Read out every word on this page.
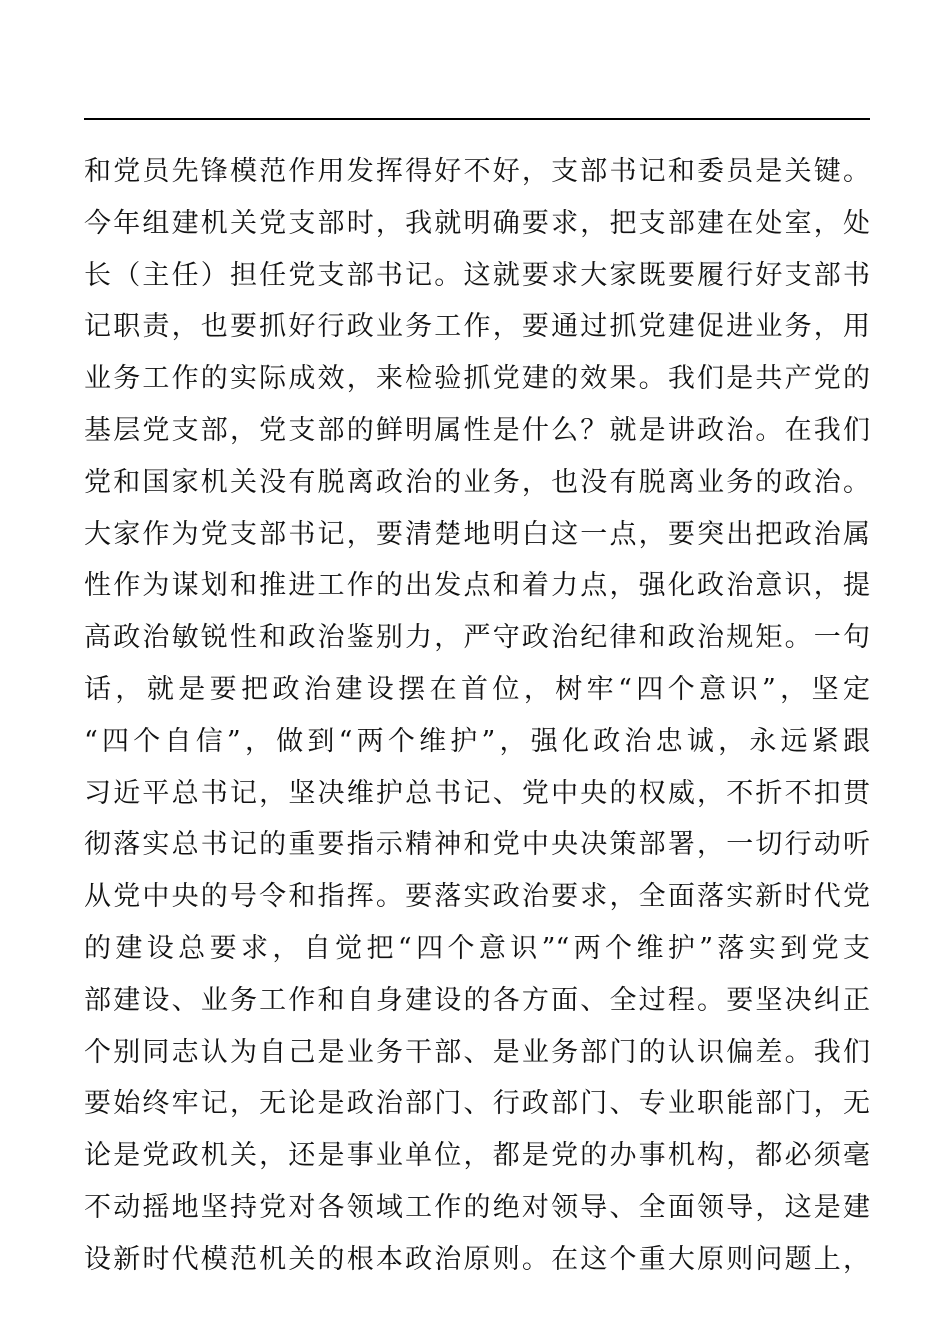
和党员先锋模范作用发挥得好不好，支部书记和委员是关键。
今年组建机关党支部时，我就明确要求，把支部建在处室，处
长（主任）担任党支部书记。这就要求大家既要履行好支部书
记职责，也要抓好行政业务工作，要通过抓党建促进业务，用
业务工作的实际成效，来检验抓党建的效果。我们是共产党的
基层党支部，党支部的鲜明属性是什么？就是讲政治。在我们
党和国家机关没有脱离政治的业务，也没有脱离业务的政治。
大家作为党支部书记，要清楚地明白这一点，要突出把政治属
性作为谋划和推进工作的出发点和着力点，强化政治意识，提
高政治敏锐性和政治鉴别力，严守政治纪律和政治规矩。一句
话，就是要把政治建设摆在首位，树牢“四个意识”，坚定
“四个自信”，做到“两个维护”，强化政治忠诚，永远紧跟
习近平总书记，坚决维护总书记、党中央的权威，不折不扣贯
彻落实总书记的重要指示精神和党中央决策部署，一切行动听
从党中央的号令和指挥。要落实政治要求，全面落实新时代党
的建设总要求，自觉把“四个意识”“两个维护”落实到党支
部建设、业务工作和自身建设的各方面、全过程。要坚决纠正
个别同志认为自己是业务干部、是业务部门的认识偏差。我们
要始终牢记，无论是政治部门、行政部门、专业职能部门，无
论是党政机关，还是事业单位，都是党的办事机构，都必须毫
不动摇地坚持党对各领域工作的绝对领导、全面领导，这是建
设新时代模范机关的根本政治原则。在这个重大原则问题上，
